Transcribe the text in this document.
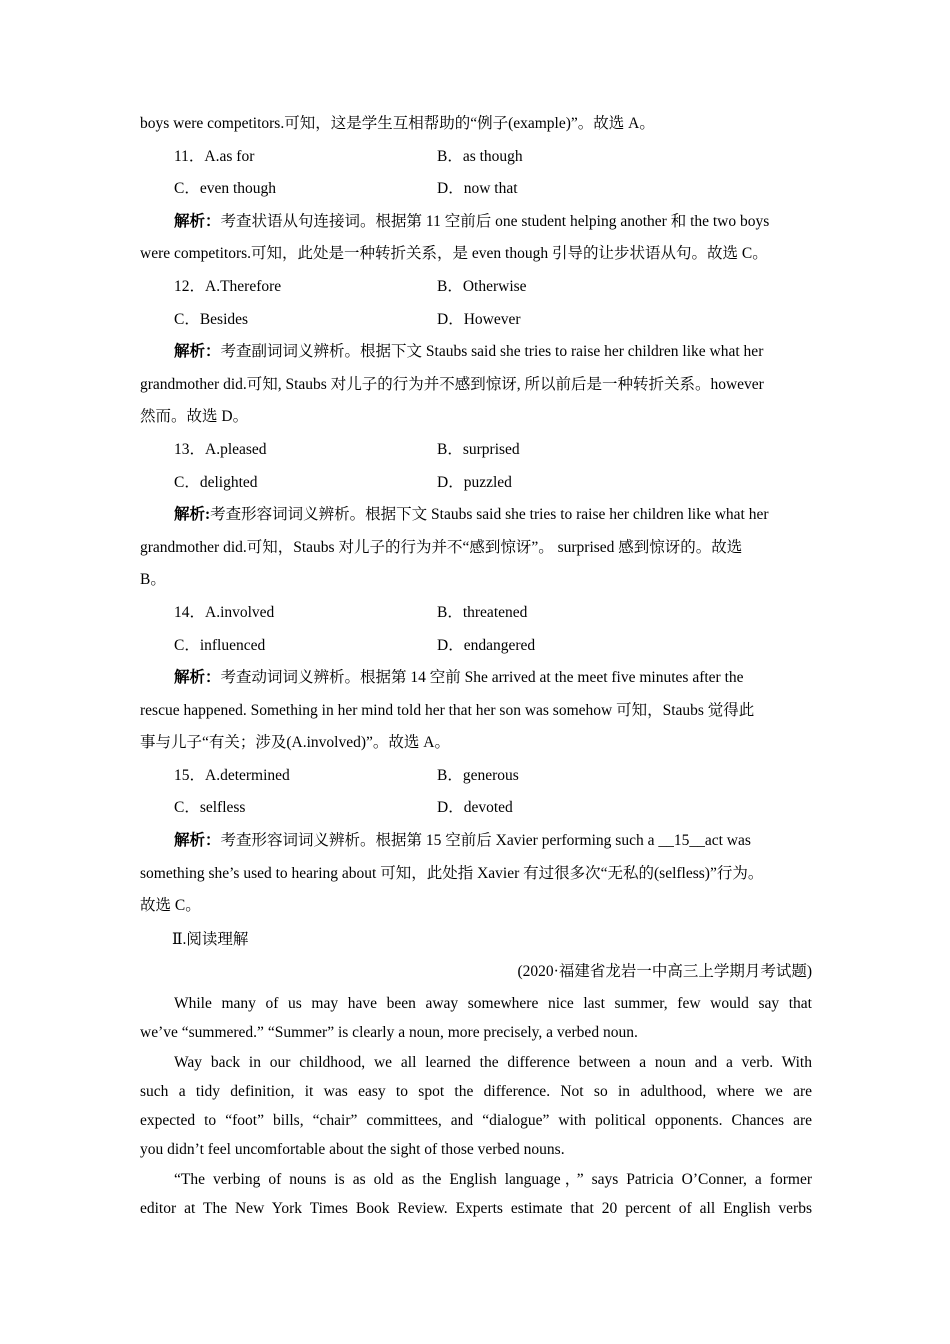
boys were competitors.可知，这是学生互相帮助的“例子(example)”。故选 A。
11．A.as for	B．as though
C．even though	D．now that
解析：考查状语从句连接词。根据第 11 空前后 one student helping another 和 the two boys
were competitors.可知，此处是一种转折关系，是 even though 引导的让步状语从句。故选 C。
12．A.Therefore	B．Otherwise
C．Besides	D．However
解析：考查副词词义辨析。根据下文 Staubs said she tries to raise her children like what her
grandmother did.可知, Staubs 对儿子的行为并不感到惊讶, 所以前后是一种转折关系。however
然而。故选 D。
13．A.pleased	B．surprised
C．delighted	D．puzzled
解析:考查形容词词义辨析。根据下文 Staubs said she tries to raise her children like what her
grandmother did.可知，Staubs 对儿子的行为并不“感到惊讶”。 surprised 感到惊讶的。故选
B。
14．A.involved	B．threatened
C．influenced	D．endangered
解析：考查动词词义辨析。根据第 14 空前 She arrived at the meet five minutes after the
rescue happened. Something in her mind told her that her son was somehow 可知，Staubs 觉得此
事与儿子“有关；涉及(A.involved)”。故选 A。
15．A.determined	B．generous
C．selfless	D．devoted
解析：考查形容词词义辨析。根据第 15 空前后 Xavier performing such a __15__act was
something she’s used to hearing about 可知，此处指 Xavier 有过很多次“无私的(selfless)”行为。
故选 C。
Ⅱ.阅读理解
(2020·福建省龙岩一中高三上学期月考试题)
While many of us may have been away somewhere nice last summer, few would say that
we’ve “summered.” “Summer” is clearly a noun, more precisely, a verbed noun.
Way back in our childhood, we all learned the difference between a noun and a verb. With
such a tidy definition, it was easy to spot the difference. Not so in adulthood, where we are
expected to “foot” bills, “chair” committees, and “dialogue” with political opponents. Chances are
you didn’t feel uncomfortable about the sight of those verbed nouns.
“The verbing of nouns is as old as the English language，” says Patricia O’Conner, a former
editor at The New York Times Book Review. Experts estimate that 20 percent of all English verbs
